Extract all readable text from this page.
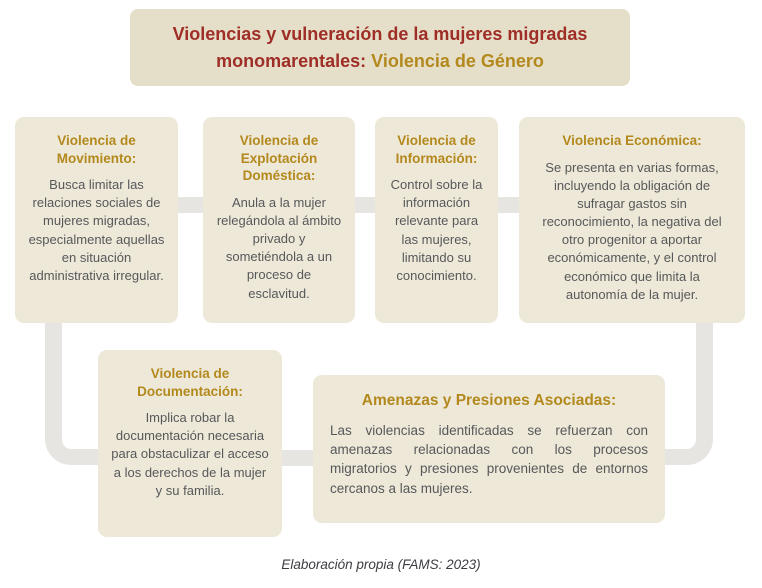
Violencias y vulneración de la mujeres migradas monomarentales: Violencia de Género
Violencia de Movimiento:

Busca limitar las relaciones sociales de mujeres migradas, especialmente aquellas en situación administrativa irregular.

Violencia de Explotación Doméstica:

Anula a la mujer relegándola al ámbito privado y sometiéndola a un proceso de esclavitud.

Violencia de Información:

Control sobre la información relevante para las mujeres, limitando su conocimiento.

Violencia Económica:

Se presenta en varias formas, incluyendo la obligación de sufragar gastos sin reconocimiento, la negativa del otro progenitor a aportar económicamente, y el control económico que limita la autonomía de la mujer.

Violencia de Documentación:

Implica robar la documentación necesaria para obstaculizar el acceso a los derechos de la mujer y su familia.

Amenazas y Presiones Asociadas:

Las violencias identificadas se refuerzan con amenazas relacionadas con los procesos migratorios y presiones provenientes de entornos cercanos a las mujeres.

Elaboración propia (FAMS: 2023)
